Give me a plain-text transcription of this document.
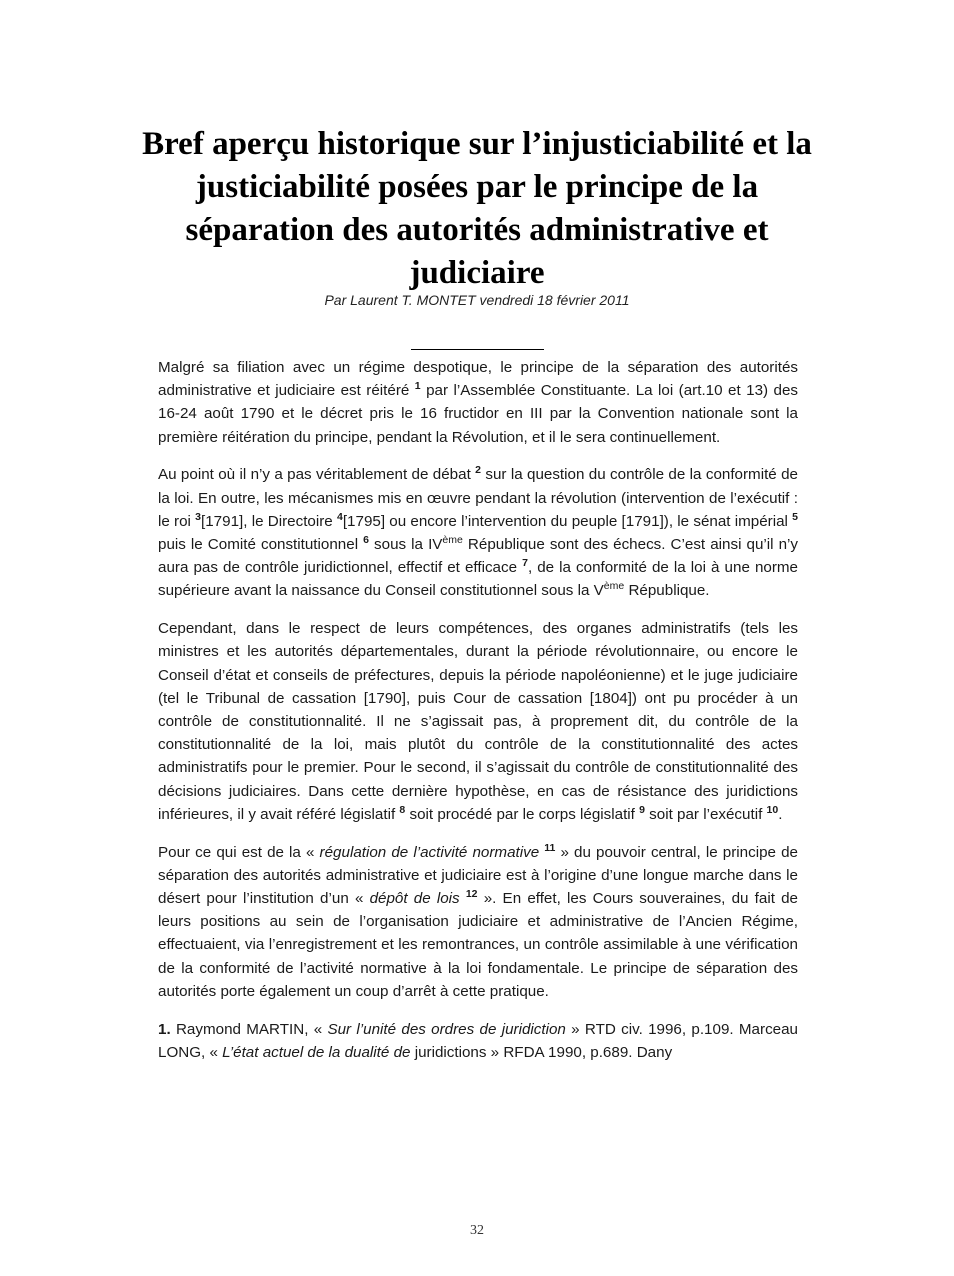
Bref aperçu historique sur l’injusticiabilité et la justiciabilité posées par le principe de la séparation des autorités administrative et judiciaire
Par Laurent T. MONTET vendredi 18 février 2011

Malgré sa filiation avec un régime despotique, le principe de la séparation des autorités administrative et judiciaire est réitéré $^1$ par l’Assemblée Constituante. La loi (art.10 et 13) des 16-24 août 1790 et le décret pris le 16 fructidor en III par la Convention nationale sont la première réitération du principe, pendant la Révolution, et il le sera continuellement.

Au point où il n’y a pas véritablement de débat $^2$ sur la question du contrôle de la conformité de la loi. En outre, les mécanismes mis en œuvre pendant la révolution (intervention de l’exécutif : le roi $^3$[1791], le Directoire $^4$[1795] ou encore l’intervention du peuple [1791]), le sénat impérial $^5$ puis le Comité constitutionnel $^6$ sous la IVème République sont des échecs. C’est ainsi qu’il n’y aura pas de contrôle juridictionnel, effectif et efficace $^7$, de la conformité de la loi à une norme supérieure avant la naissance du Conseil constitutionnel sous la Vème République.

Cependant, dans le respect de leurs compétences, des organes administratifs (tels les ministres et les autorités départementales, durant la période révolutionnaire, ou encore le Conseil d’état et conseils de préfectures, depuis la période napoléonienne) et le juge judiciaire (tel le Tribunal de cassation [1790], puis Cour de cassation [1804]) ont pu procéder à un contrôle de constitutionnalité. Il ne s’agissait pas, à proprement dit, du contrôle de la constitutionnalité de la loi, mais plutôt du contrôle de la constitutionnalité des actes administratifs pour le premier. Pour le second, il s’agissait du contrôle de constitutionnalité des décisions judiciaires. Dans cette dernière hypothèse, en cas de résistance des juridictions inférieures, il y avait référé législatif $^8$ soit procédé par le corps législatif $^9$ soit par l’exécutif $^{10}$.

Pour ce qui est de la « régulation de l’activité normative $^{11}$ » du pouvoir central, le principe de séparation des autorités administrative et judiciaire est à l’origine d’une longue marche dans le désert pour l’institution d’un « dépôt de lois $^{12}$ ». En effet, les Cours souveraines, du fait de leurs positions au sein de l’organisation judiciaire et administrative de l’Ancien Régime, effectuaient, via l’enregistrement et les remontrances, un contrôle assimilable à une vérification de la conformité de l’activité normative à la loi fondamentale. Le principe de séparation des autorités porte également un coup d’arrêt à cette pratique.

1. Raymond MARTIN, « Sur l’unité des ordres de juridiction » RTD civ. 1996, p.109. Marceau LONG, « L’état actuel de la dualité de juridictions » RFDA 1990, p.689. Dany

32
